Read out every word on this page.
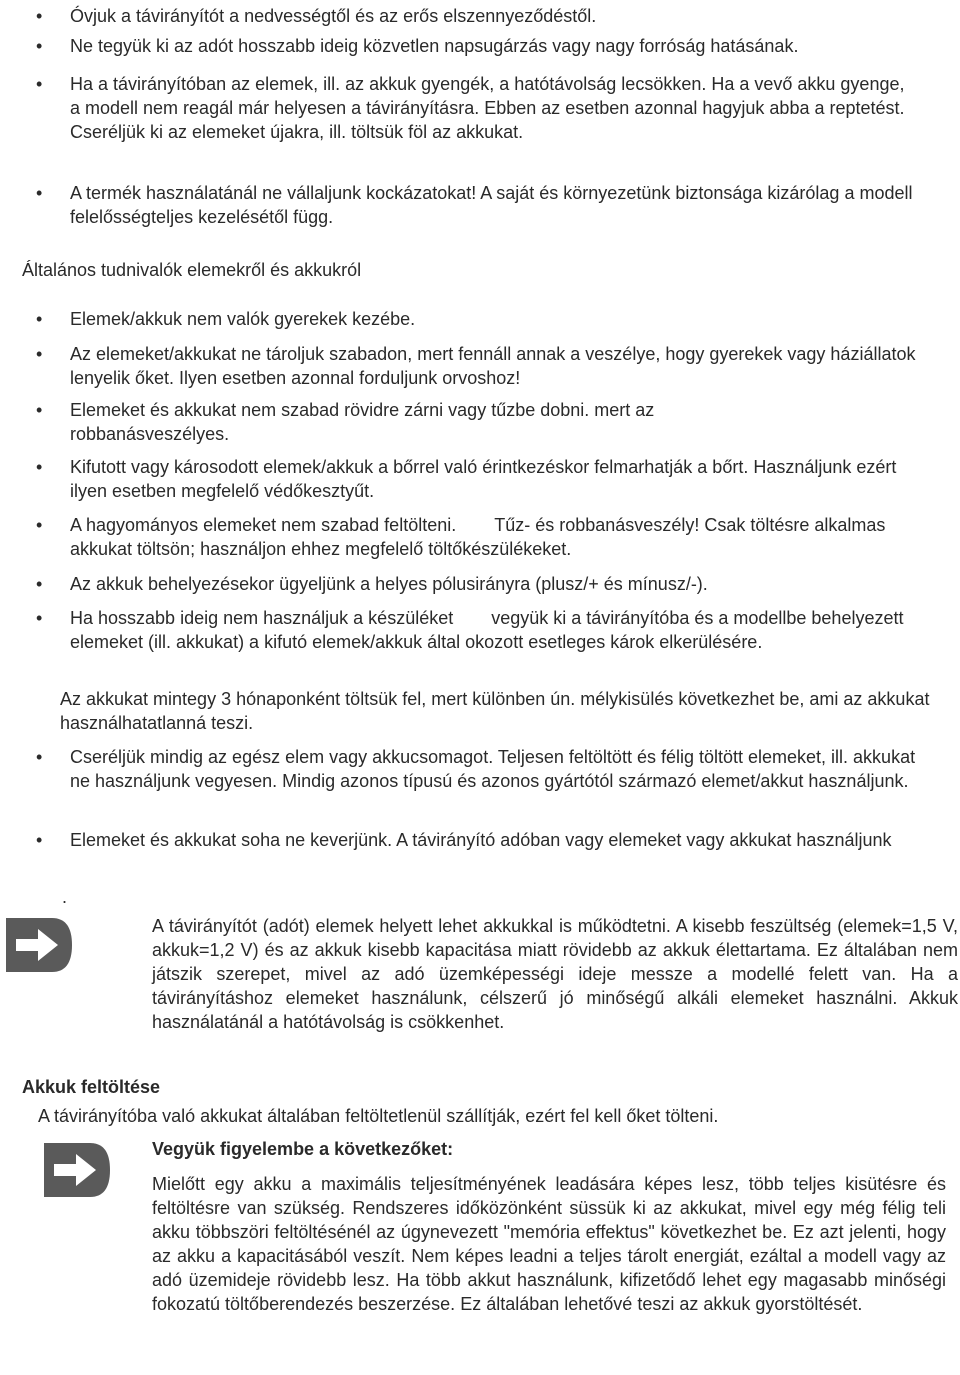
•	Óvjuk a távirányítót a nedvességtől és az erős elszennyeződéstől.
•	Ne tegyük ki az adót hosszabb ideig közvetlen napsugárzás vagy nagy forróság hatásának.
•	Ha a távirányítóban az elemek, ill. az akkuk gyengék, a hatótávolság lecsökken. Ha a vevő akku gyenge, a modell nem reagál már helyesen a távirányításra. Ebben az esetben azonnal hagyjuk abba a reptetést. Cseréljük ki az elemeket újakra, ill. töltsük föl az akkukat.
•	A termék használatánál ne vállaljunk kockázatokat! A saját és környezetünk biztonsága kizárólag a modell felelősségteljes kezelésétől függ.
Általános tudnivalók elemekről és akkukról
•	Elemek/akkuk nem valók gyerekek kezébe.
•	Az elemeket/akkukat ne tároljuk szabadon, mert fennáll annak a veszélye, hogy gyerekek vagy háziállatok lenyelik őket. Ilyen esetben azonnal forduljunk orvoshoz!
•	Elemeket és akkukat nem szabad rövidre zárni vagy tűzbe dobni. mert az robbanásveszélyes.
•	Kifutott vagy károsodott elemek/akkuk a bőrrel való érintkezéskor felmarhatják a bőrt. Használjunk ezért ilyen esetben megfelelő védőkesztyűt.
•	A hagyományos elemeket nem szabad feltölteni. Tűz- és robbanásveszély! Csak töltésre alkalmas akkukat töltsön; használjon ehhez megfelelő töltőkészülékeket.
•	Az akkuk behelyezésekor ügyeljünk a helyes pólusirányra (plusz/+ és mínusz/-).
•	Ha hosszabb ideig nem használjuk a készüléket vegyük ki a távirányítóba és a modellbe behelyezett elemeket (ill. akkukat) a kifutó elemek/akkuk által okozott esetleges károk elkerülésére.
Az akkukat mintegy 3 hónaponként töltsük fel, mert különben ún. mélykisülés következhet be, ami az akkukat használhatatlanná teszi.
•	Cseréljük mindig az egész elem vagy akkucsomagot. Teljesen feltöltött és félig töltött elemeket, ill. akkukat ne használjunk vegyesen. Mindig azonos típusú és azonos gyártótól származó elemet/akkut használjunk.
•	Elemeket és akkukat soha ne keverjünk. A távirányító adóban vagy elemeket vagy akkukat használjunk
.
A távirányítót (adót) elemek helyett lehet akkukkal is működtetni. A kisebb feszültség (elemek=1,5 V, akkuk=1,2 V) és az akkuk kisebb kapacitása miatt rövidebb az akkuk élettartama. Ez általában nem játszik szerepet, mivel az adó üzemképességi ideje messze a modellé felett van. Ha a távirányításhoz elemeket használunk, célszerű jó minőségű alkáli elemeket használni. Akkuk használatánál a hatótávolság is csökkenhet.
Akkuk feltöltése
A távirányítóba való akkukat általában feltöltetlenül szállítják, ezért fel kell őket tölteni.
Vegyük figyelembe a következőket:
Mielőtt egy akku a maximális teljesítményének leadására képes lesz, több teljes kisütésre és feltöltésre van szükség. Rendszeres időközönként süssük ki az akkukat, mivel egy még félig teli akku többszöri feltöltésénél az úgynevezett "memória effektus" következhet be. Ez azt jelenti, hogy az akku a kapacitásából veszít. Nem képes leadni a teljes tárolt energiát, ezáltal a modell vagy az adó üzemideje rövidebb lesz. Ha több akkut használunk, kifizetődő lehet egy magasabb minőségi fokozatú töltőberendezés beszerzése. Ez általában lehetővé teszi az akkuk gyorstöltését.
